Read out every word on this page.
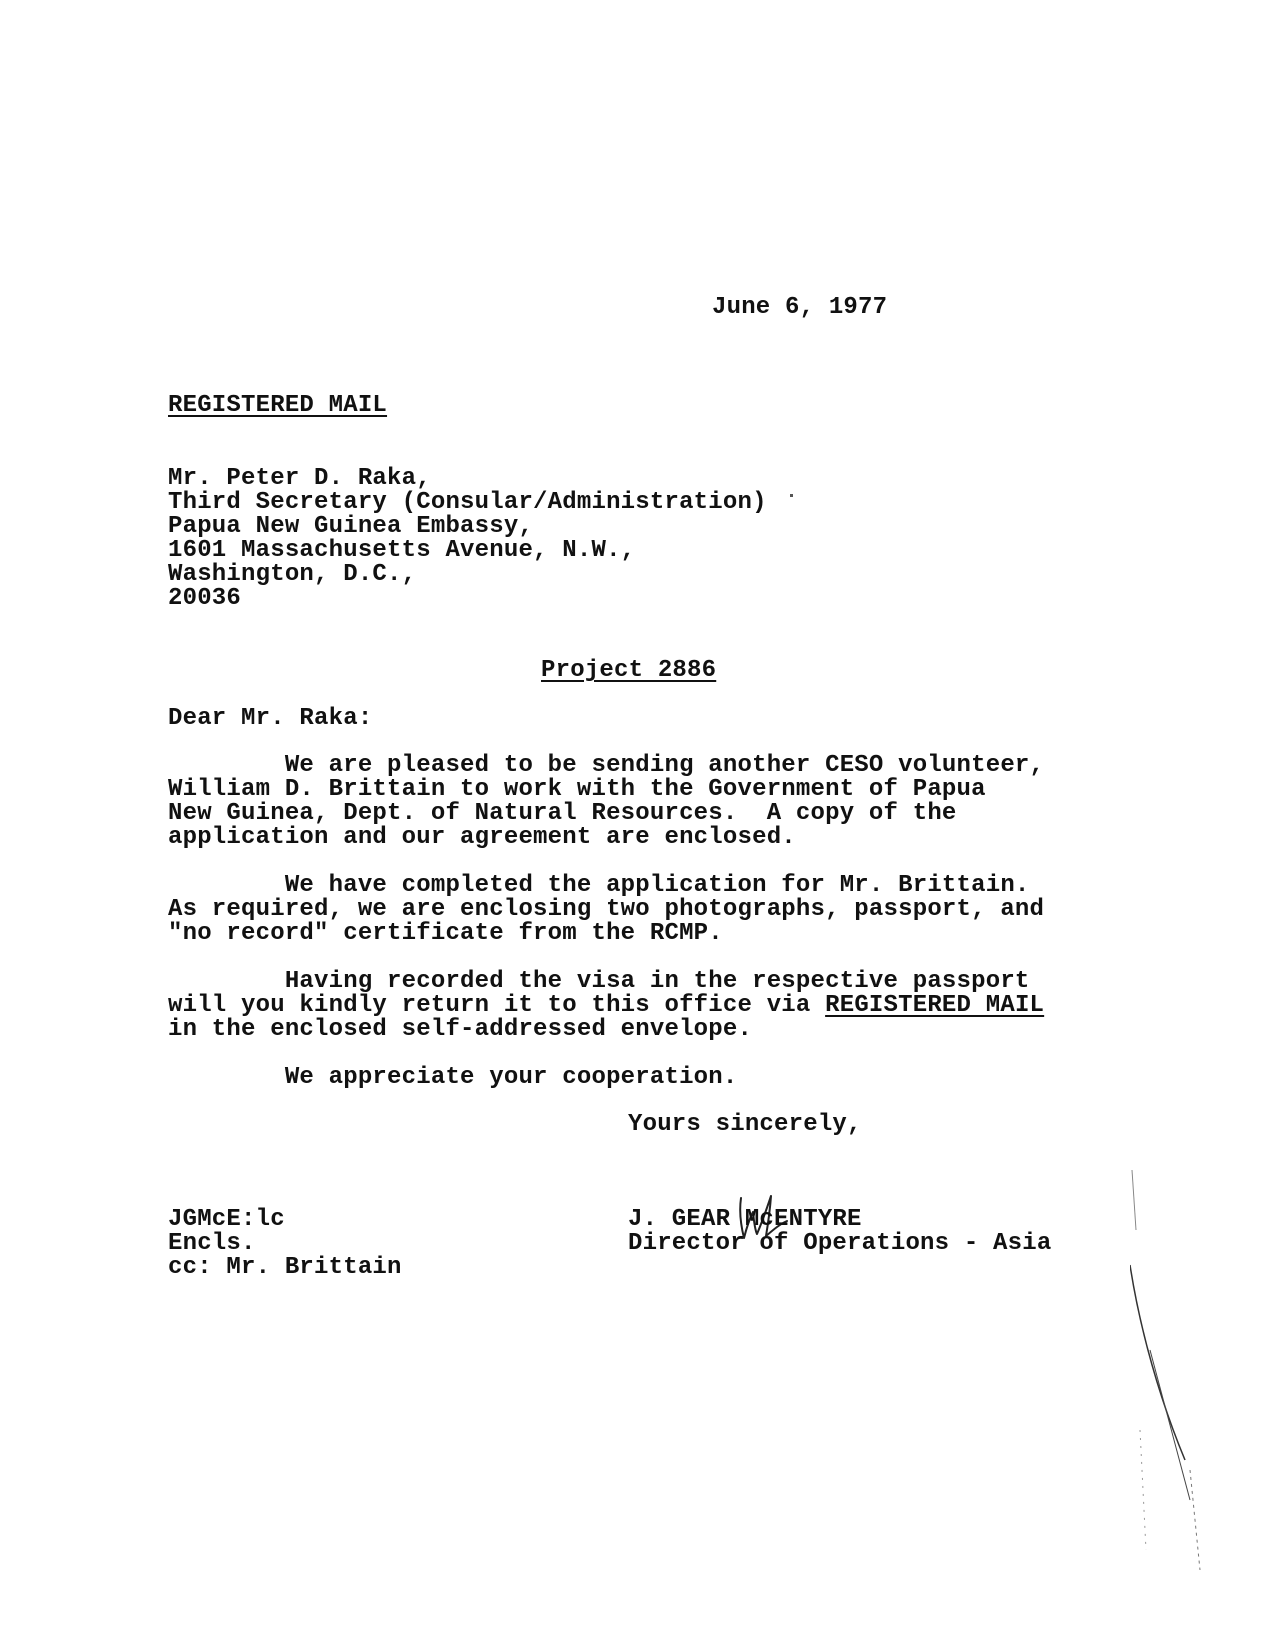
June 6, 1977
REGISTERED MAIL
Mr. Peter D. Raka,
Third Secretary (Consular/Administration)
Papua New Guinea Embassy,
1601 Massachusetts Avenue, N.W.,
Washington, D.C.,
20036
Project 2886
Dear Mr. Raka:
We are pleased to be sending another CESO volunteer,
William D. Brittain to work with the Government of Papua
New Guinea, Dept. of Natural Resources.  A copy of the
application and our agreement are enclosed.
We have completed the application for Mr. Brittain.
As required, we are enclosing two photographs, passport, and
"no record" certificate from the RCMP.
Having recorded the visa in the respective passport
will you kindly return it to this office via REGISTERED MAIL
in the enclosed self-addressed envelope.
We appreciate your cooperation.
Yours sincerely,
J. GEAR McENTYRE
Director of Operations - Asia
JGMcE:lc
Encls.
cc: Mr. Brittain
